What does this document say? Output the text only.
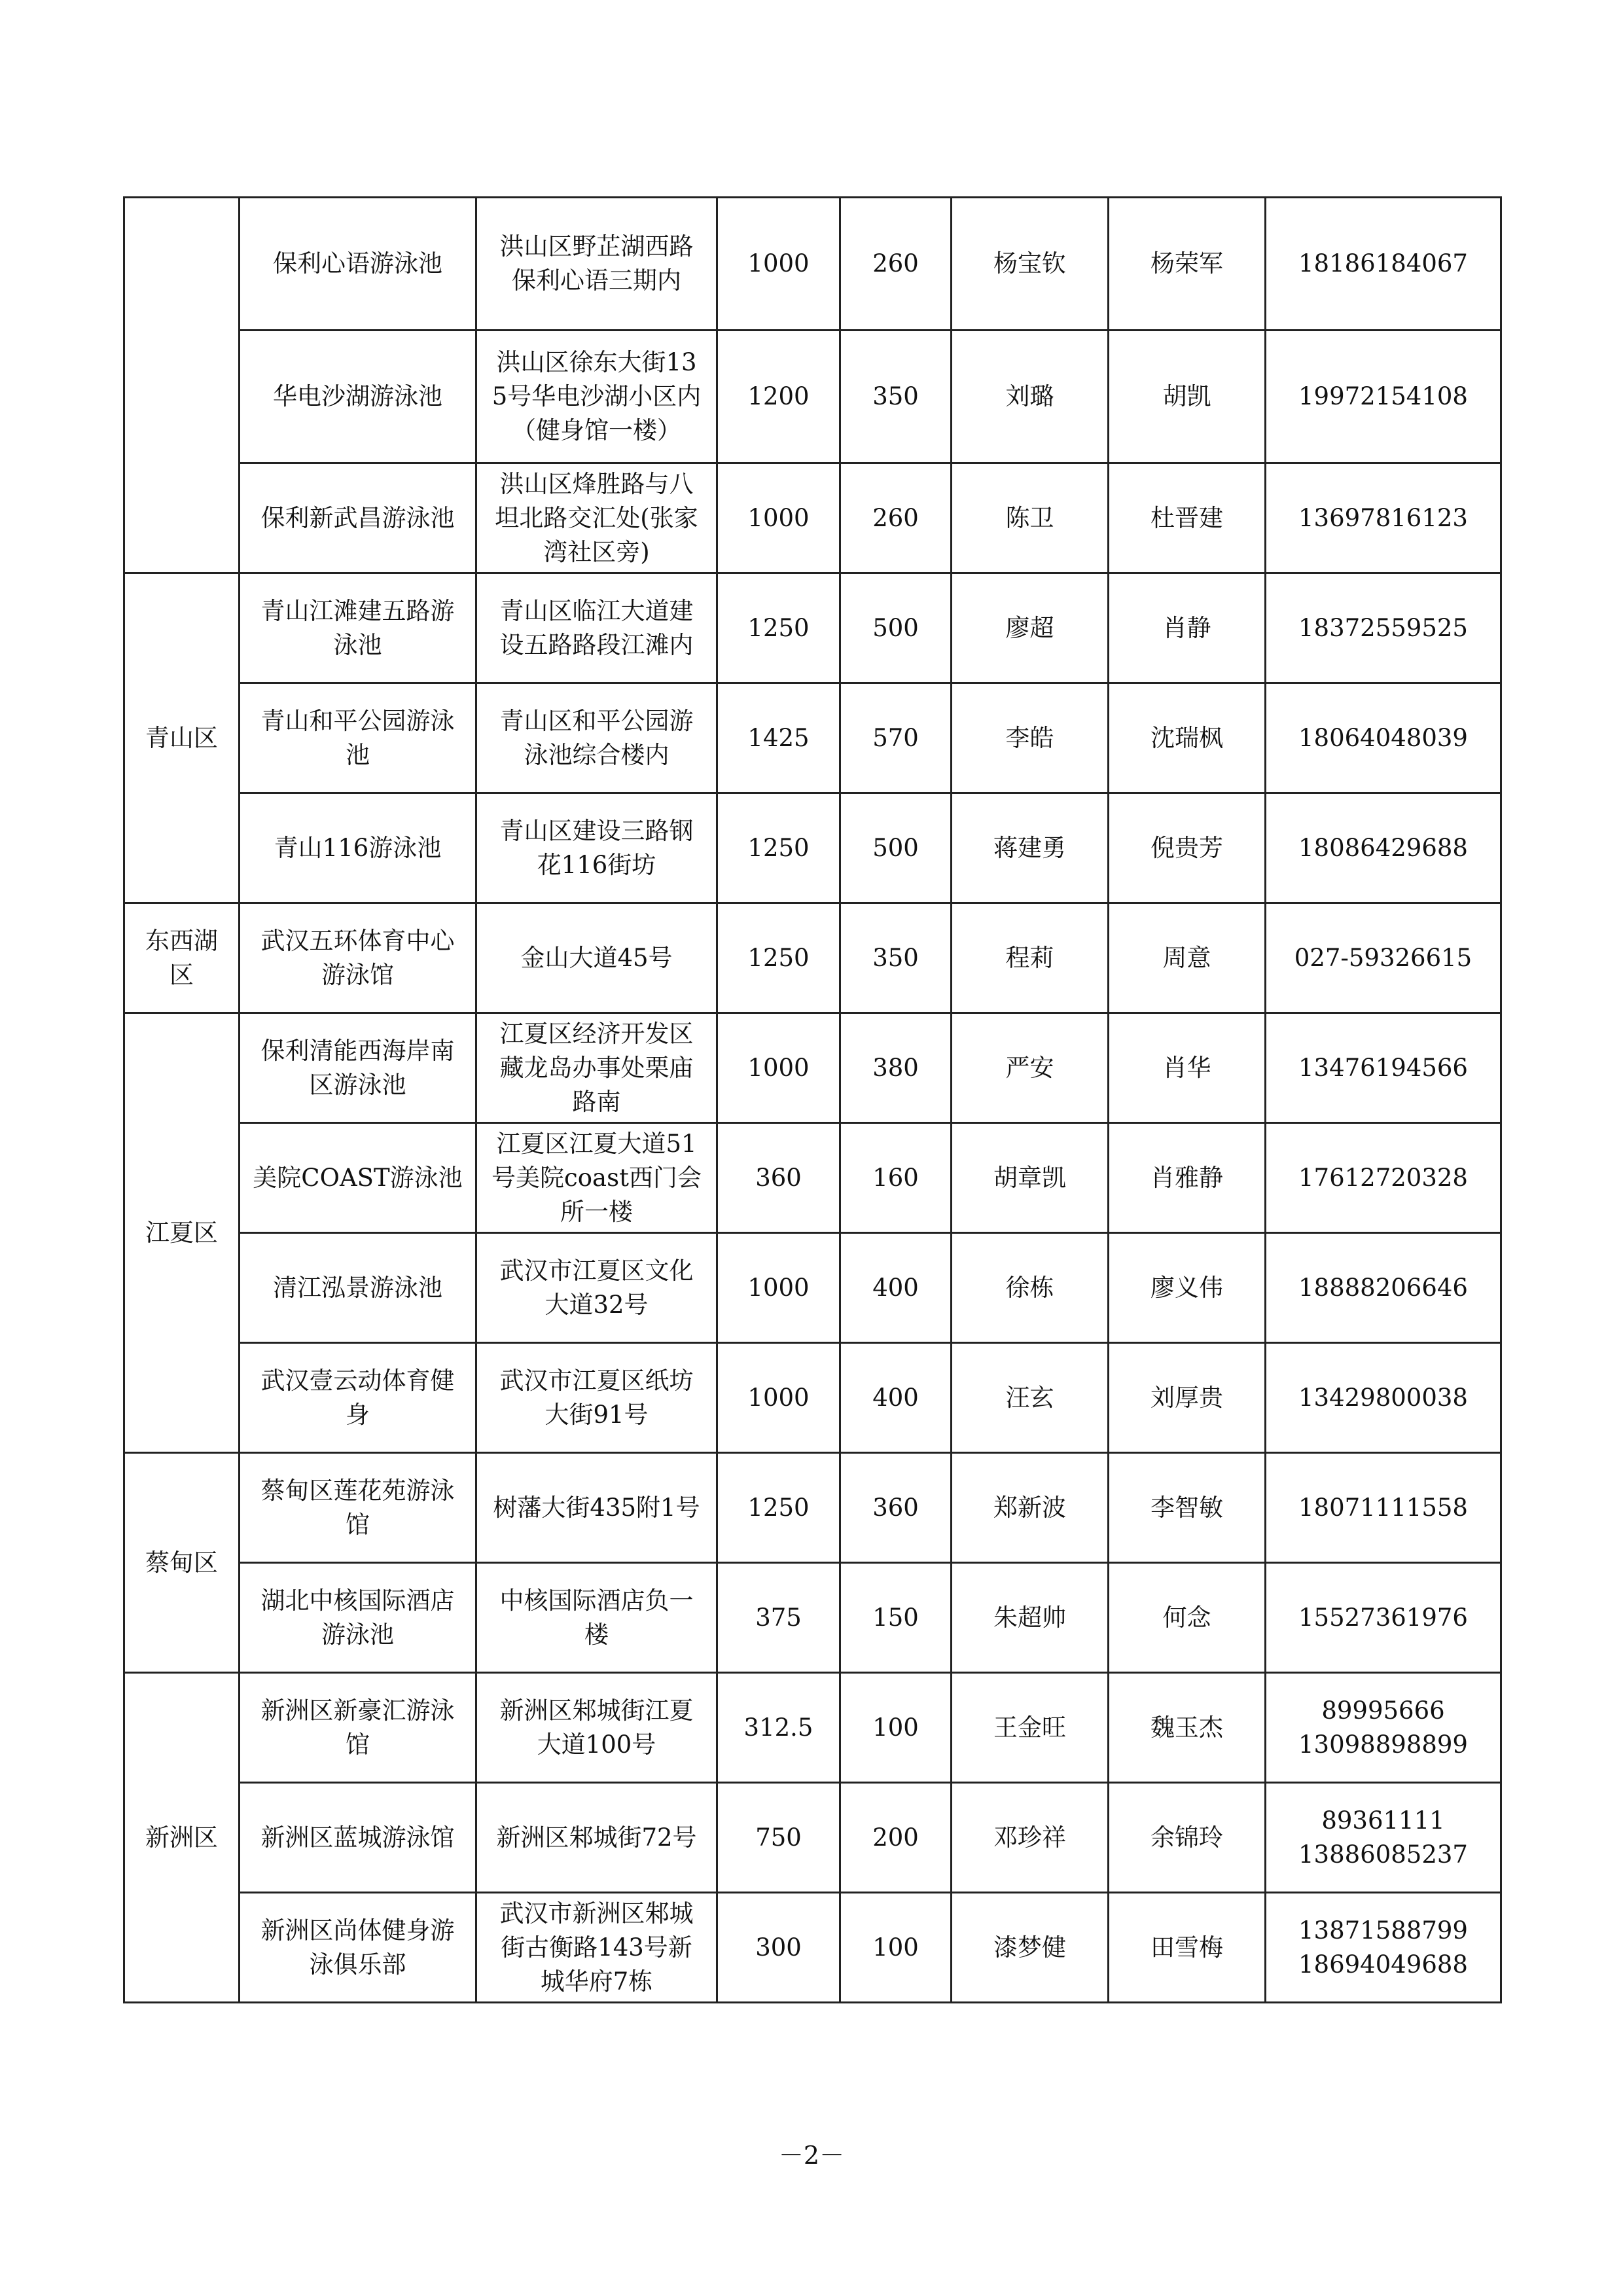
	保利心语游泳池	洪山区野芷湖西路保利心语三期内	1000	260	杨宝钦	杨荣军	18186184067
	华电沙湖游泳池	洪山区徐东大街135号华电沙湖小区内（健身馆一楼）	1200	350	刘璐	胡凯	19972154108
	保利新武昌游泳池	洪山区烽胜路与八坦北路交汇处(张家湾社区旁)	1000	260	陈卫	杜晋建	13697816123
青山区	青山江滩建五路游泳池	青山区临江大道建设五路路段江滩内	1250	500	廖超	肖静	18372559525
	青山和平公园游泳池	青山区和平公园游泳池综合楼内	1425	570	李皓	沈瑞枫	18064048039
	青山116游泳池	青山区建设三路钢花116街坊	1250	500	蒋建勇	倪贵芳	18086429688
东西湖区	武汉五环体育中心游泳馆	金山大道45号	1250	350	程莉	周意	027-59326615
江夏区	保利清能西海岸南区游泳池	江夏区经济开发区藏龙岛办事处栗庙路南	1000	380	严安	肖华	13476194566
	美院COAST游泳池	江夏区江夏大道51号美院coast西门会所一楼	360	160	胡章凯	肖雅静	17612720328
	清江泓景游泳池	武汉市江夏区文化大道32号	1000	400	徐栋	廖义伟	18888206646
	武汉壹云动体育健身	武汉市江夏区纸坊大街91号	1000	400	汪玄	刘厚贵	13429800038
蔡甸区	蔡甸区莲花苑游泳馆	树藩大街435附1号	1250	360	郑新波	李智敏	18071111558
	湖北中核国际酒店游泳池	中核国际酒店负一楼	375	150	朱超帅	何念	15527361976
新洲区	新洲区新豪汇游泳馆	新洲区邾城街江夏大道100号	312.5	100	王金旺	魏玉杰	89995666
13098898899
	新洲区蓝城游泳馆	新洲区邾城街72号	750	200	邓珍祥	余锦玲	89361111
13886085237
	新洲区尚体健身游泳俱乐部	武汉市新洲区邾城街古衡路143号新城华府7栋	300	100	漆梦健	田雪梅	13871588799
18694049688
－2－
